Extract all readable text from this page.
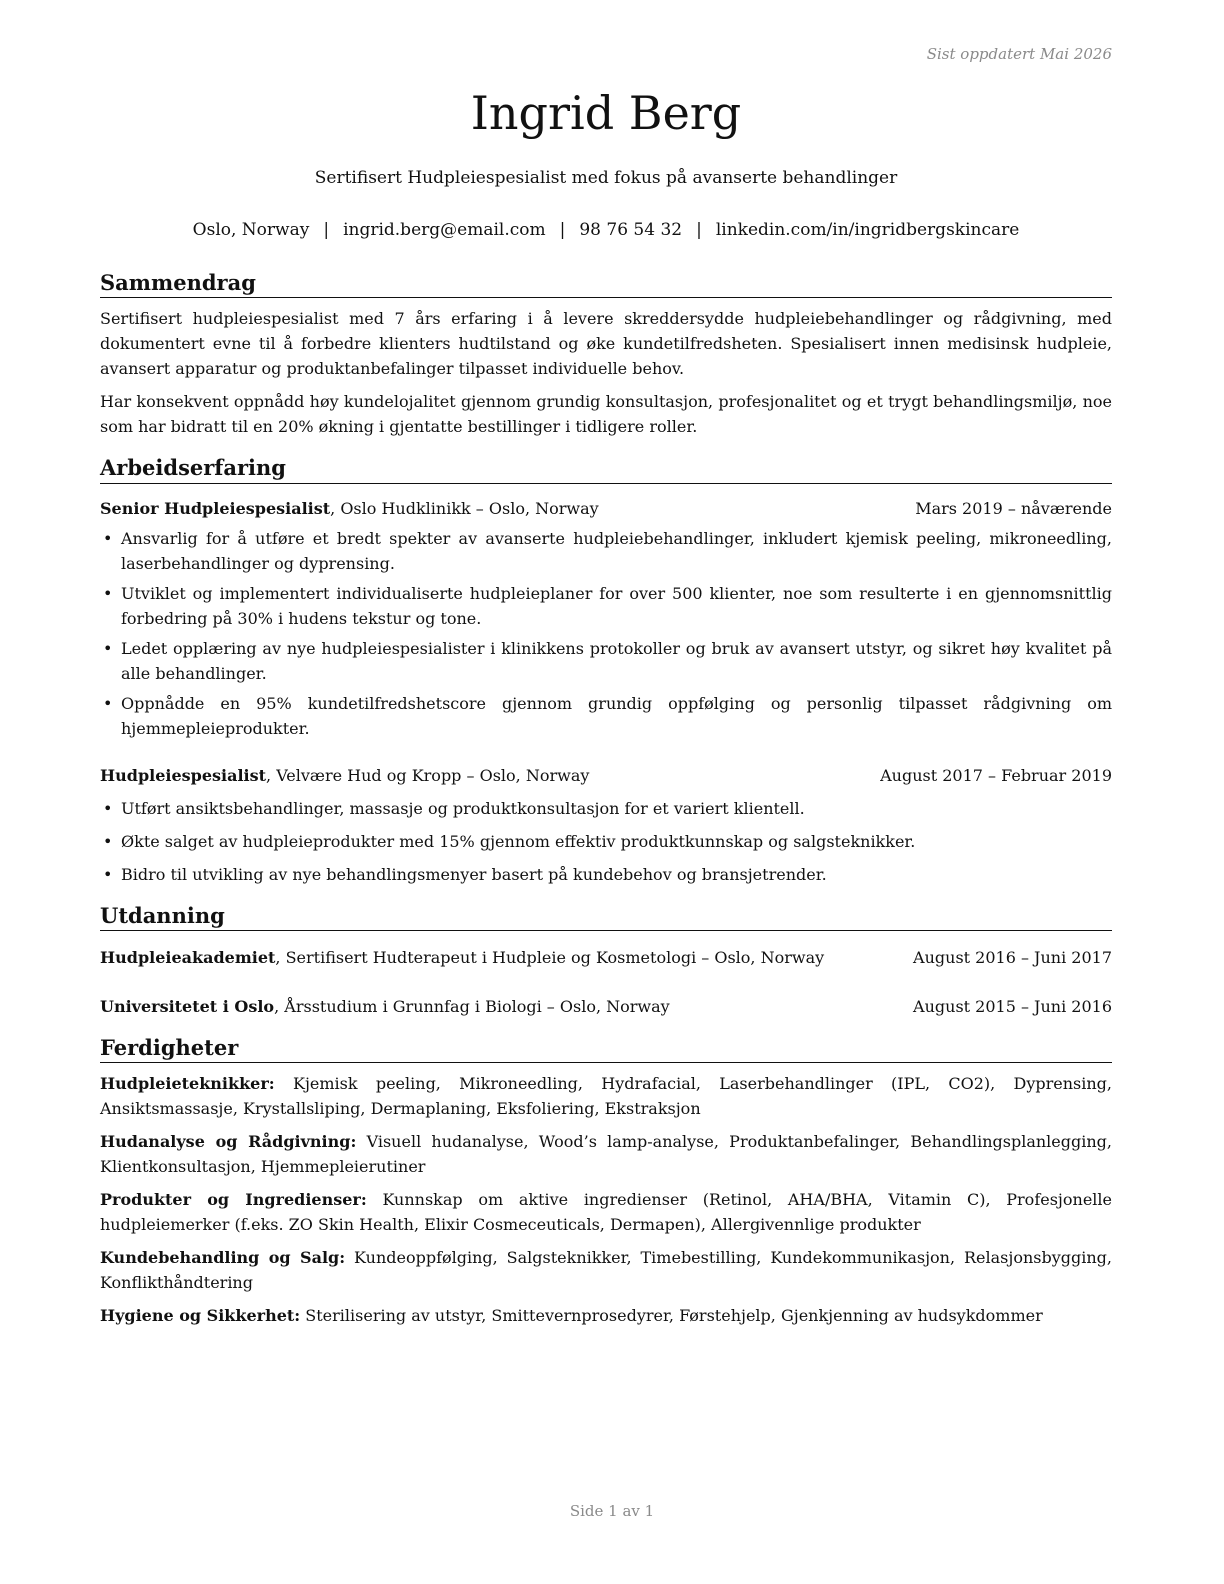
Sist oppdatert Mai 2026
Ingrid Berg
Sertifisert Hudpleiespesialist med fokus på avanserte behandlinger
Oslo, Norway | ingrid.berg@email.com | 98 76 54 32 | linkedin.com/in/ingridbergskincare
Sammendrag

Sertifisert hudpleiespesialist med 7 års erfaring i å levere skreddersydde hudpleiebehandlinger og rådgivning, med dokumentert evne til å forbedre klienters hudtilstand og øke kundetilfredsheten. Spesialisert innen medisinsk hudpleie, avansert apparatur og produktanbefalinger tilpasset individuelle behov.

Har konsekvent oppnådd høy kundelojalitet gjennom grundig konsultasjon, profesjonalitet og et trygt behandlingsmiljø, noe som har bidratt til en 20% økning i gjentatte bestillinger i tidligere roller.

Arbeidserfaring
Senior Hudpleiespesialist, Oslo Hudklinikk – Oslo, Norway	Mars 2019 – nåværende
• Ansvarlig for å utføre et bredt spekter av avanserte hudpleiebehandlinger, inkludert kjemisk peeling, mikroneedling, laserbehandlinger og dyprensing.
• Utviklet og implementert individualiserte hudpleieplaner for over 500 klienter, noe som resulterte i en gjennomsnittlig forbedring på 30% i hudens tekstur og tone.
• Ledet opplæring av nye hudpleiespesialister i klinikkens protokoller og bruk av avansert utstyr, og sikret høy kvalitet på alle behandlinger.
• Oppnådde en 95% kundetilfredshetscore gjennom grundig oppfølging og personlig tilpasset rådgivning om hjemmepleieprodukter.
Hudpleiespesialist, Velvære Hud og Kropp – Oslo, Norway	August 2017 – Februar 2019
• Utført ansiktsbehandlinger, massasje og produktkonsultasjon for et variert klientell.
• Økte salget av hudpleieprodukter med 15% gjennom effektiv produktkunnskap og salgsteknikker.
• Bidro til utvikling av nye behandlingsmenyer basert på kundebehov og bransjetrender.
Utdanning
Hudpleieakademiet, Sertifisert Hudterapeut i Hudpleie og Kosmetologi – Oslo, Norway	August 2016 – Juni 2017
Universitetet i Oslo, Årsstudium i Grunnfag i Biologi – Oslo, Norway	August 2015 – Juni 2016
Ferdigheter
Hudpleieteknikker: Kjemisk peeling, Mikroneedling, Hydrafacial, Laserbehandlinger (IPL, CO2), Dyprensing, Ansiktsmassasje, Krystallsliping, Dermaplaning, Eksfoliering, Ekstraksjon
Hudanalyse og Rådgivning: Visuell hudanalyse, Wood’s lamp-analyse, Produktanbefalinger, Behandlingsplanlegging, Klientkonsultasjon, Hjemmepleierutiner
Produkter og Ingredienser: Kunnskap om aktive ingredienser (Retinol, AHA/BHA, Vitamin C), Profesjonelle hudpleiemerker (f.eks. ZO Skin Health, Elixir Cosmeceuticals, Dermapen), Allergivennlige produkter
Kundebehandling og Salg: Kundeoppfølging, Salgsteknikker, Timebestilling, Kundekommunikasjon, Relasjonsbygging, Konflikthåndtering
Hygiene og Sikkerhet: Sterilisering av utstyr, Smittevernprosedyrer, Førstehjelp, Gjenkjenning av hudsykdommer
Side 1 av 1
